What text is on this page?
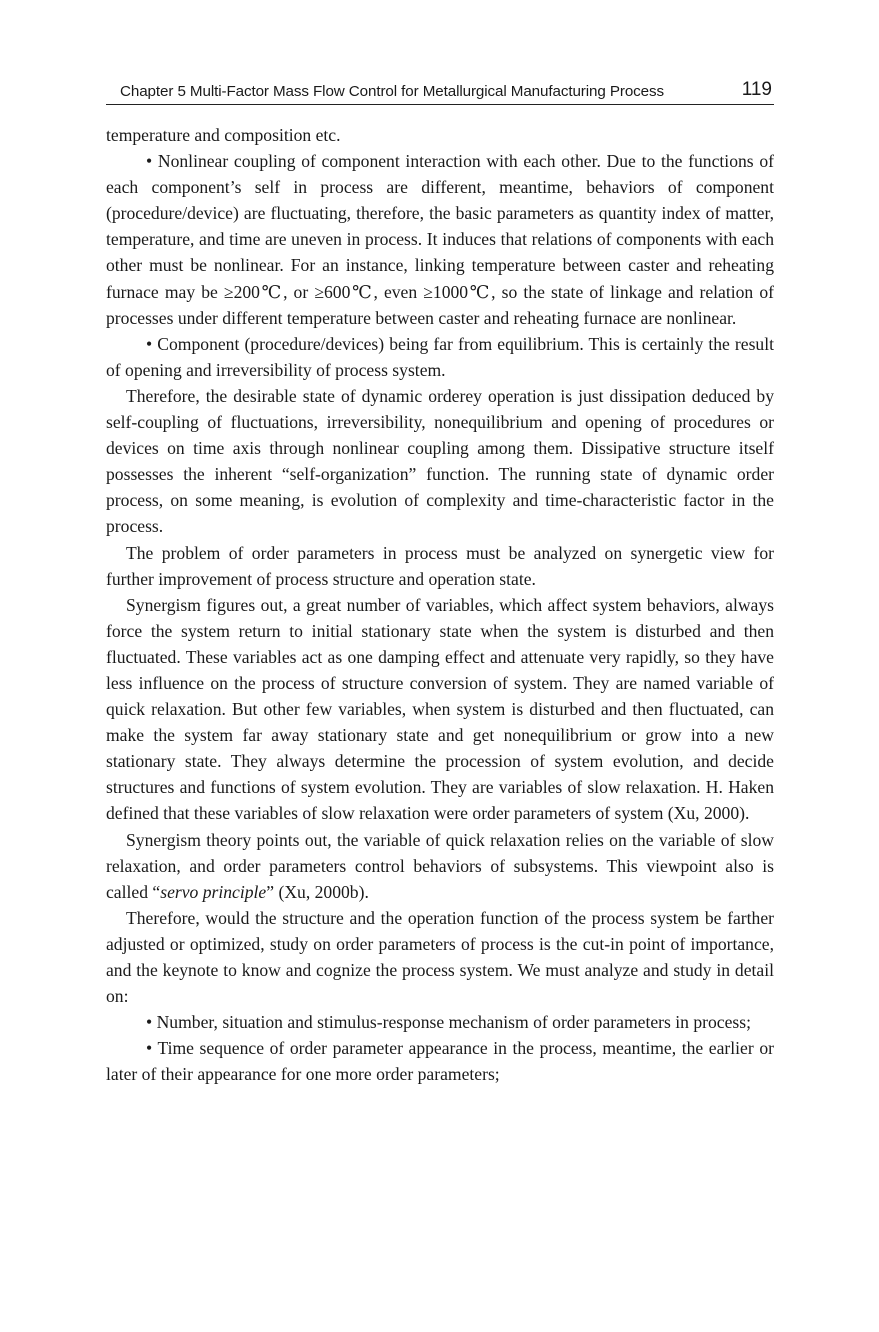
Chapter 5 Multi-Factor Mass Flow Control for Metallurgical Manufacturing Process	119

temperature and composition etc.

• Nonlinear coupling of component interaction with each other. Due to the functions of each component’s self in process are different, meantime, behaviors of component (procedure/device) are fluctuating, therefore, the basic parameters as quantity index of matter, temperature, and time are uneven in process. It induces that relations of components with each other must be nonlinear. For an instance, linking temperature between caster and reheating furnace may be ≥200℃, or ≥600℃, even ≥1000℃, so the state of linkage and relation of processes under different temperature between caster and reheating furnace are nonlinear.

• Component (procedure/devices) being far from equilibrium. This is certainly the result of opening and irreversibility of process system.

Therefore, the desirable state of dynamic orderey operation is just dissipation deduced by self-coupling of fluctuations, irreversibility, nonequilibrium and opening of procedures or devices on time axis through nonlinear coupling among them. Dissipative structure itself possesses the inherent “self-organization” function. The running state of dynamic order process, on some meaning, is evolution of complexity and time-characteristic factor in the process.

The problem of order parameters in process must be analyzed on synergetic view for further improvement of process structure and operation state.

Synergism figures out, a great number of variables, which affect system behaviors, always force the system return to initial stationary state when the system is disturbed and then fluctuated. These variables act as one damping effect and attenuate very rapidly, so they have less influence on the process of structure conversion of system. They are named variable of quick relaxation. But other few variables, when system is disturbed and then fluctuated, can make the system far away stationary state and get nonequilibrium or grow into a new stationary state. They always determine the procession of system evolution, and decide structures and functions of system evolution. They are variables of slow relaxation. H. Haken defined that these variables of slow relaxation were order parameters of system (Xu, 2000).

Synergism theory points out, the variable of quick relaxation relies on the variable of slow relaxation, and order parameters control behaviors of subsystems. This viewpoint also is called “servo principle” (Xu, 2000b).

Therefore, would the structure and the operation function of the process system be farther adjusted or optimized, study on order parameters of process is the cut-in point of importance, and the keynote to know and cognize the process system. We must analyze and study in detail on:

• Number, situation and stimulus-response mechanism of order parameters in process;

• Time sequence of order parameter appearance in the process, meantime, the earlier or later of their appearance for one more order parameters;
